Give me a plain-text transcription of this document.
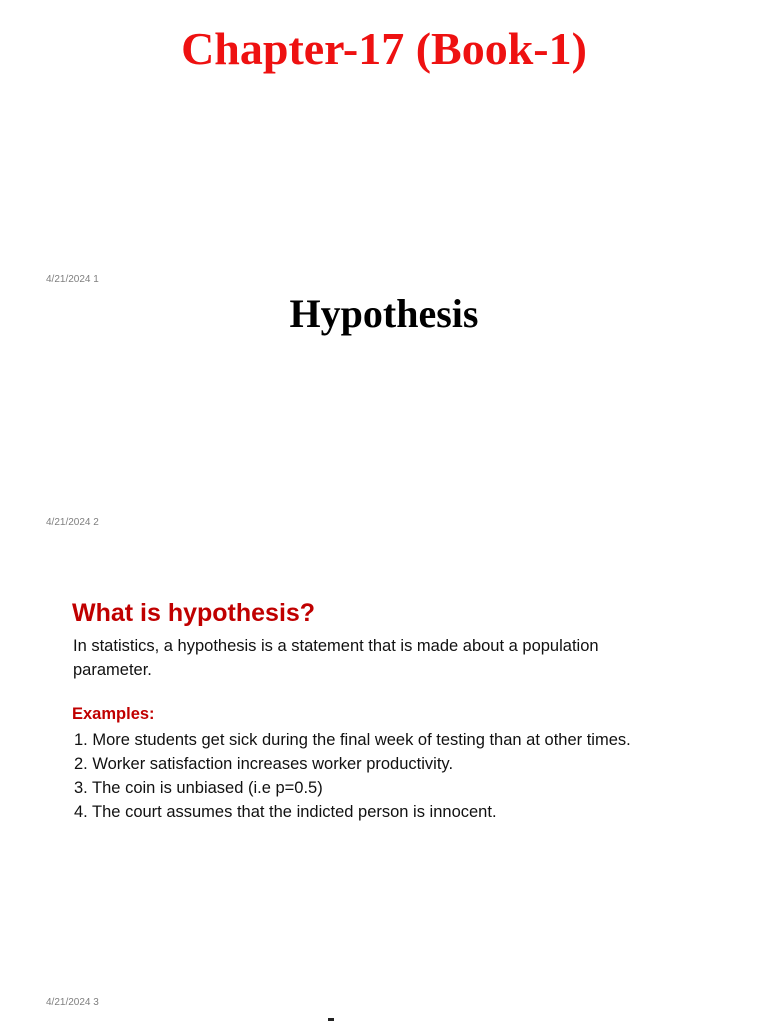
Chapter-17 (Book-1)
4/21/2024 1
Hypothesis
4/21/2024 2
What is hypothesis?
In statistics, a hypothesis is a statement that is made about a population parameter.
Examples:
1. More students get sick during the final week of testing than at other times.
2. Worker satisfaction increases worker productivity.
3. The coin is unbiased (i.e p=0.5)
4. The court assumes that the indicted person is innocent.
4/21/2024 3
